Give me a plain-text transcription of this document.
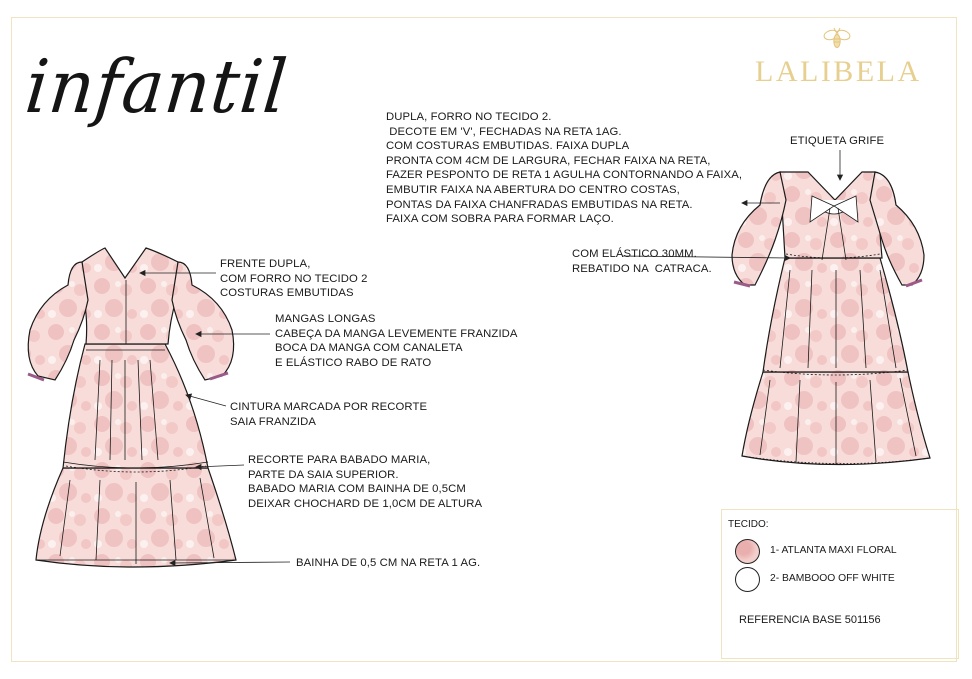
infantil	LALIBELA
DUPLA, FORRO NO TECIDO 2.
DECOTE EM 'V', FECHADAS NA RETA 1AG.
COM COSTURAS EMBUTIDAS. FAIXA DUPLA
PRONTA COM 4CM DE LARGURA, FECHAR FAIXA NA RETA,
FAZER PESPONTO DE RETA 1 AGULHA CONTORNANDO A FAIXA,
EMBUTIR FAIXA NA ABERTURA DO CENTRO COSTAS,
PONTAS DA FAIXA CHANFRADAS EMBUTIDAS NA RETA.
FAIXA COM SOBRA PARA FORMAR LAÇO.
ETIQUETA GRIFE
COM ELÁSTICO 30MM.
REBATIDO NA  CATRACA.
FRENTE DUPLA,
COM FORRO NO TECIDO 2
COSTURAS EMBUTIDAS
MANGAS LONGAS
CABEÇA DA MANGA LEVEMENTE FRANZIDA
BOCA DA MANGA COM CANALETA
E ELÁSTICO RABO DE RATO
CINTURA MARCADA POR RECORTE
SAIA FRANZIDA
RECORTE PARA BABADO MARIA,
PARTE DA SAIA SUPERIOR.
BABADO MARIA COM BAINHA DE 0,5CM
DEIXAR CHOCHARD DE 1,0CM DE ALTURA
BAINHA DE 0,5 CM NA RETA 1 AG.
TECIDO:
1- ATLANTA MAXI FLORAL
2- BAMBOOO OFF WHITE
REFERENCIA BASE 501156
